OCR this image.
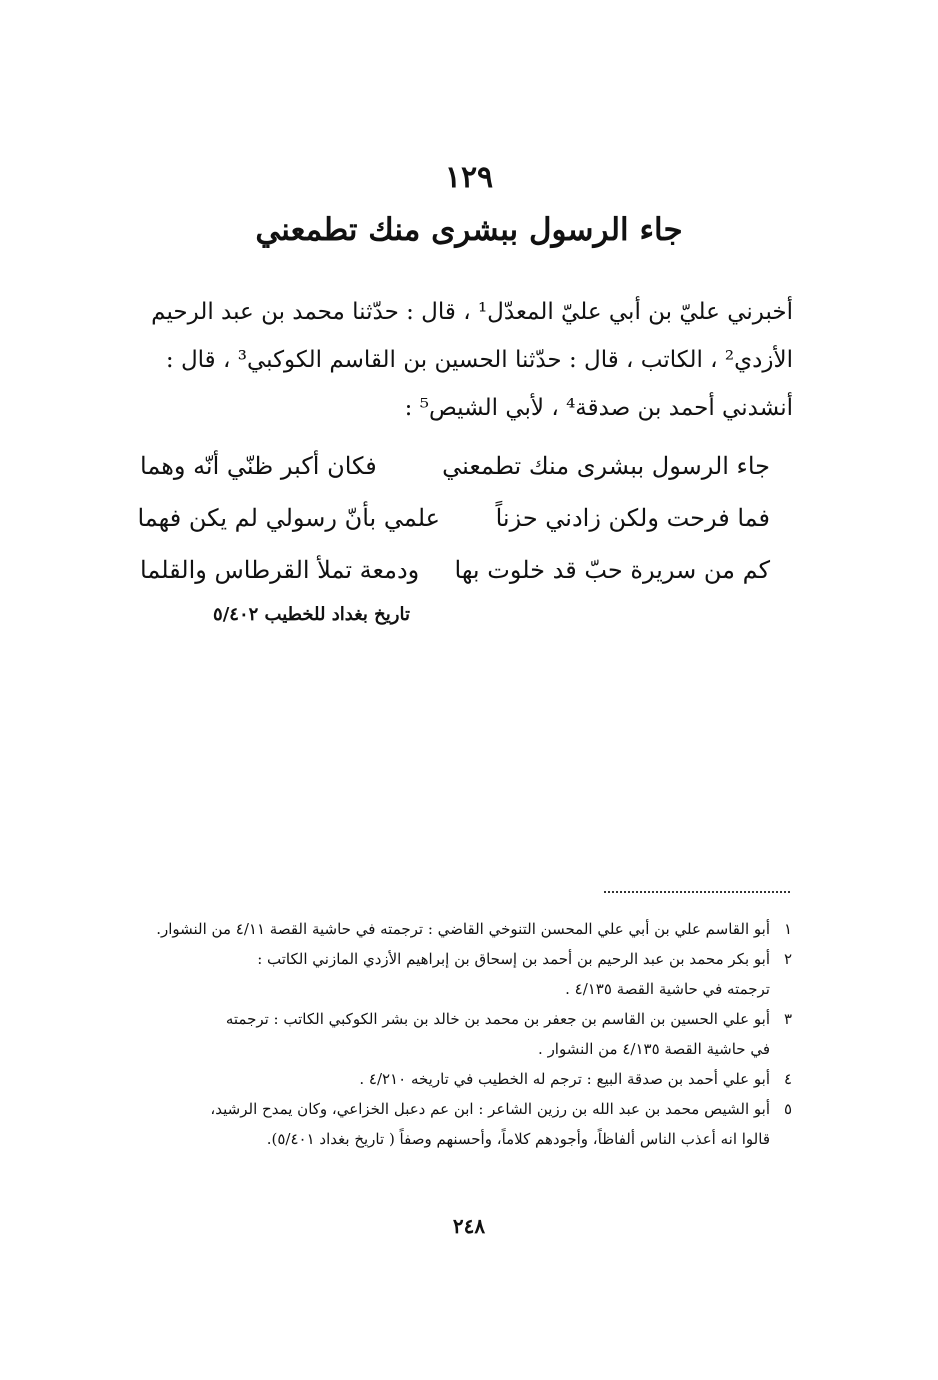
١٢٩
جاء الرسول ببشرى منك تطمعني
أخبرني عليّ بن أبي عليّ المعدّل¹ ، قال : حدّثنا محمد بن عبد الرحيم
الأزدي² ، الكاتب ، قال : حدّثنا الحسين بن القاسم الكوكبي³ ، قال :
أنشدني أحمد بن صدقة⁴ ، لأبي الشيص⁵ :
جاء الرسول ببشرى منك تطمعني
فكان أكبر ظنّي أنّه وهما
فما فرحت ولكن زادني حزناً
علمي بأنّ رسولي لم يكن فهما
كم من سريرة حبّ قد خلوت بها
ودمعة تملأ القرطاس والقلما
تاريخ بغداد للخطيب ٥/٤٠٢
١
أبو القاسم علي بن أبي علي المحسن التنوخي القاضي : ترجمته في حاشية القصة ٤/١١ من النشوار.
٢
أبو بكر محمد بن عبد الرحيم بن أحمد بن إسحاق بن إبراهيم الأزدي المازني الكاتب :
ترجمته في حاشية القصة ٤/١٣٥ .
٣
أبو علي الحسين بن القاسم بن جعفر بن محمد بن خالد بن بشر الكوكبي الكاتب : ترجمته
في حاشية القصة ٤/١٣٥ من النشوار .
٤
أبو علي أحمد بن صدقة البيع : ترجم له الخطيب في تاريخه ٤/٢١٠ .
٥
أبو الشيص محمد بن عبد الله بن رزين الشاعر : ابن عم دعبل الخزاعي، وكان يمدح الرشيد،
قالوا انه أعذب الناس ألفاظاً، وأجودهم كلاماً، وأحسنهم وصفاً ( تاريخ بغداد ٥/٤٠١).
٢٤٨
